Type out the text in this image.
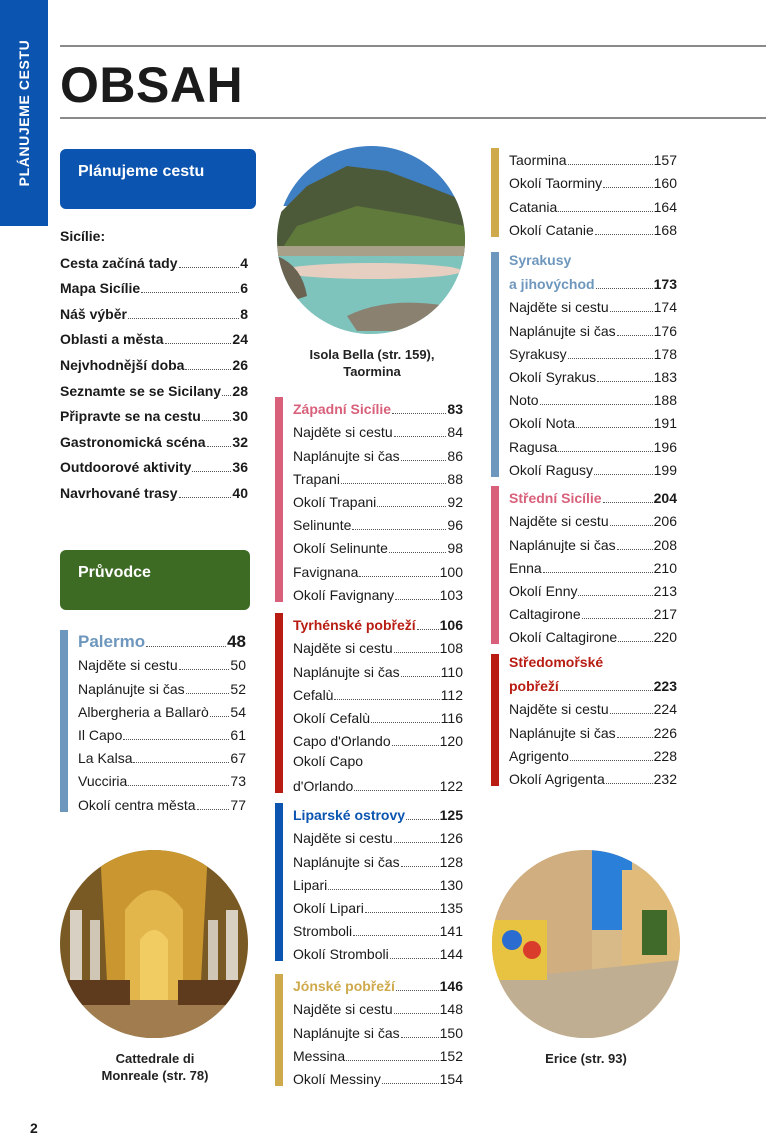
PLÁNUJEME CESTU OBSAH
Plánujeme cestu
Sicílie:
Cesta začíná tady	4
Mapa Sicílie	6
Náš výběr	8
Oblasti a města	24
Nejvhodnější doba	26
Seznamte se se Sicilany 28
Připravte se na cestu 30
Gastronomická scéna 32
Outdoorové aktivity	36
Navrhované trasy	40
Průvodce
Palermo	48
Najděte si cestu	50
Naplánujte si čas	52
Albergheria a Ballarò 54
Il Capo	61
La Kalsa	67
Vucciria	73
Okolí centra města 77
Západní Sicílie	83
Najděte si cestu	84
Naplánujte si čas	86
Trapani	88
Okolí Trapani	92
Selinunte	96
Okolí Selinunte	98
Favignana	100
Okolí Favignany	103
Tyrhénské pobřeží 106
Najděte si cestu	108
Naplánujte si čas	110
Cefalù	112
Okolí Cefalù	116
Capo d'Orlando	120
Okolí Capo
d'Orlando	122
Liparské ostrovy 125
Najděte si cestu	126
Naplánujte si čas	128
Lipari	130
Okolí Lipari	135
Stromboli	141
Okolí Stromboli	144
Jónské pobřeží	146
Najděte si cestu	148
Naplánujte si čas	150
Messina	152
Okolí Messiny	154
Taormina	157
Okolí Taorminy	160
Catania	164
Okolí Catanie	168
Syrakusy
a jihovýchod	173
Najděte si cestu	174
Naplánujte si čas	176
Syrakusy	178
Okolí Syrakus	183
Noto	188
Okolí Nota	191
Ragusa	196
Okolí Ragusy	199
Střední Sicílie	204
Najděte si cestu	206
Naplánujte si čas	208
Enna	210
Okolí Enny	213
Caltagirone	217
Okolí Caltagirone	220
Středomořské
pobřeží	223
Najděte si cestu	224
Naplánujte si čas	226
Agrigento	228
Okolí Agrigenta	232
Isola Bella (str. 159),
Taormina
Cattedrale di
Monreale (str. 78)
Erice (str. 93)
2
